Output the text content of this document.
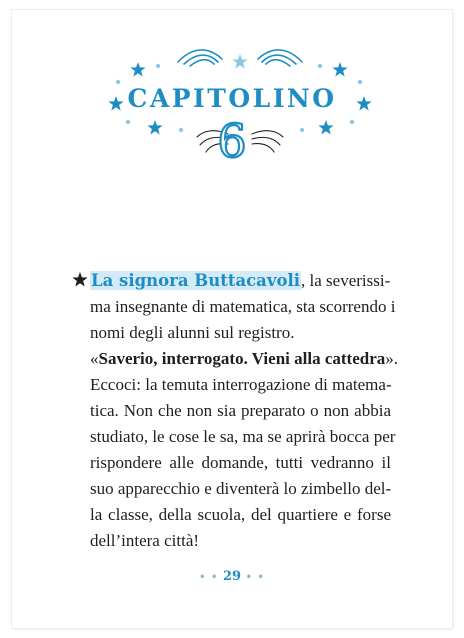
CAPITOLINO
6
La signora Buttacavoli, la severissi-
ma insegnante di matematica, sta scorrendo i
nomi degli alunni sul registro.
«Saverio, interrogato. Vieni alla cattedra».
Eccoci: la temuta interrogazione di matema-
tica. Non che non sia preparato o non abbia
studiato, le cose le sa, ma se aprirà bocca per
rispondere alle domande, tutti vedranno il
suo apparecchio e diventerà lo zimbello del-
la classe, della scuola, del quartiere e forse
dell’intera città!
• • 29 • •
